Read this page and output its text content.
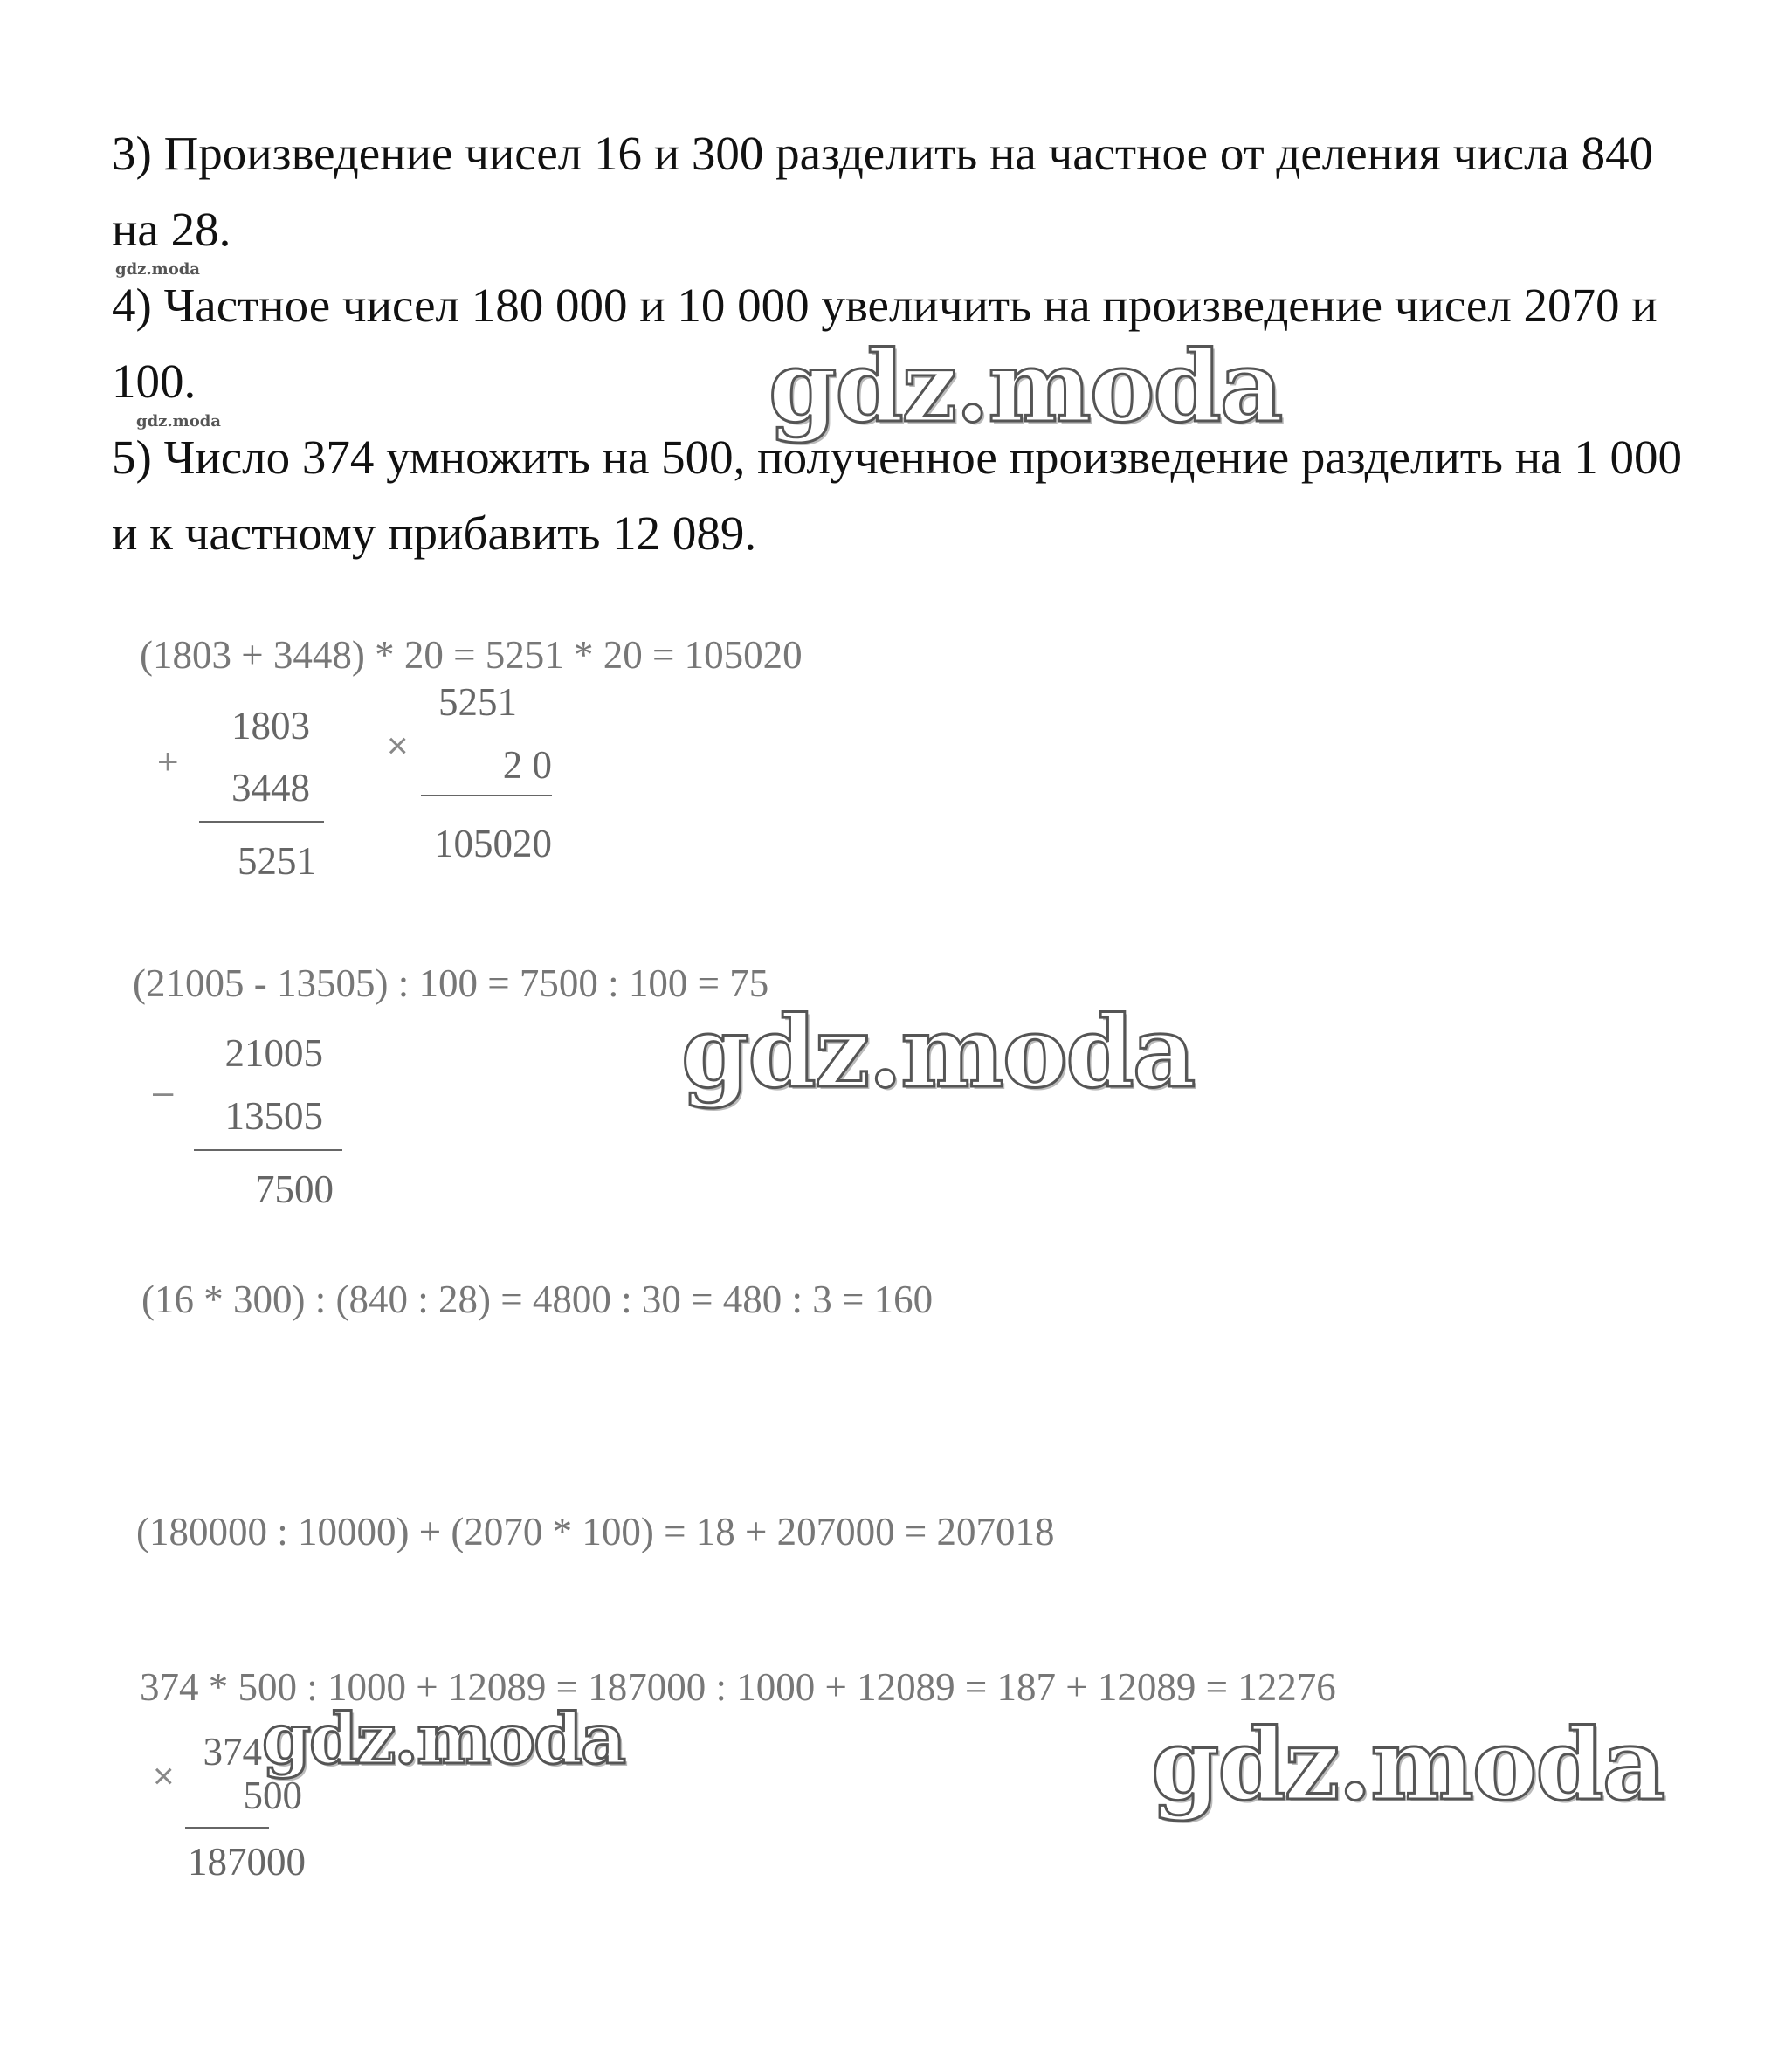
3) Произведение чисел 16 и 300 разделить на частное от деления числа 840 на 28.

4) Частное чисел 180 000 и 10 000 увеличить на произведение чисел 2070 и 100.

5) Число 374 умножить на 500, полученное произведение разделить на 1 000 и к частному прибавить 12 089.

gdz.moda
gdz.moda
(1803 + 3448) * 20 = 5251 * 20 = 105020
+
1803
3448
5251
×
5251
2 0
105020
(21005 - 13505) : 100 = 7500 : 100 = 75
–
21005
13505
7500
(16 * 300) : (840 : 28) = 4800 : 30 = 480 : 3 = 160
(180000 : 10000) + (2070 * 100) = 18 + 207000 = 207018
374 * 500 : 1000 + 12089 = 187000 : 1000 + 12089 = 187 + 12089 = 12276
×
374
500
187000
gdz.moda
gdz.moda
gdz.moda	gdz.moda
